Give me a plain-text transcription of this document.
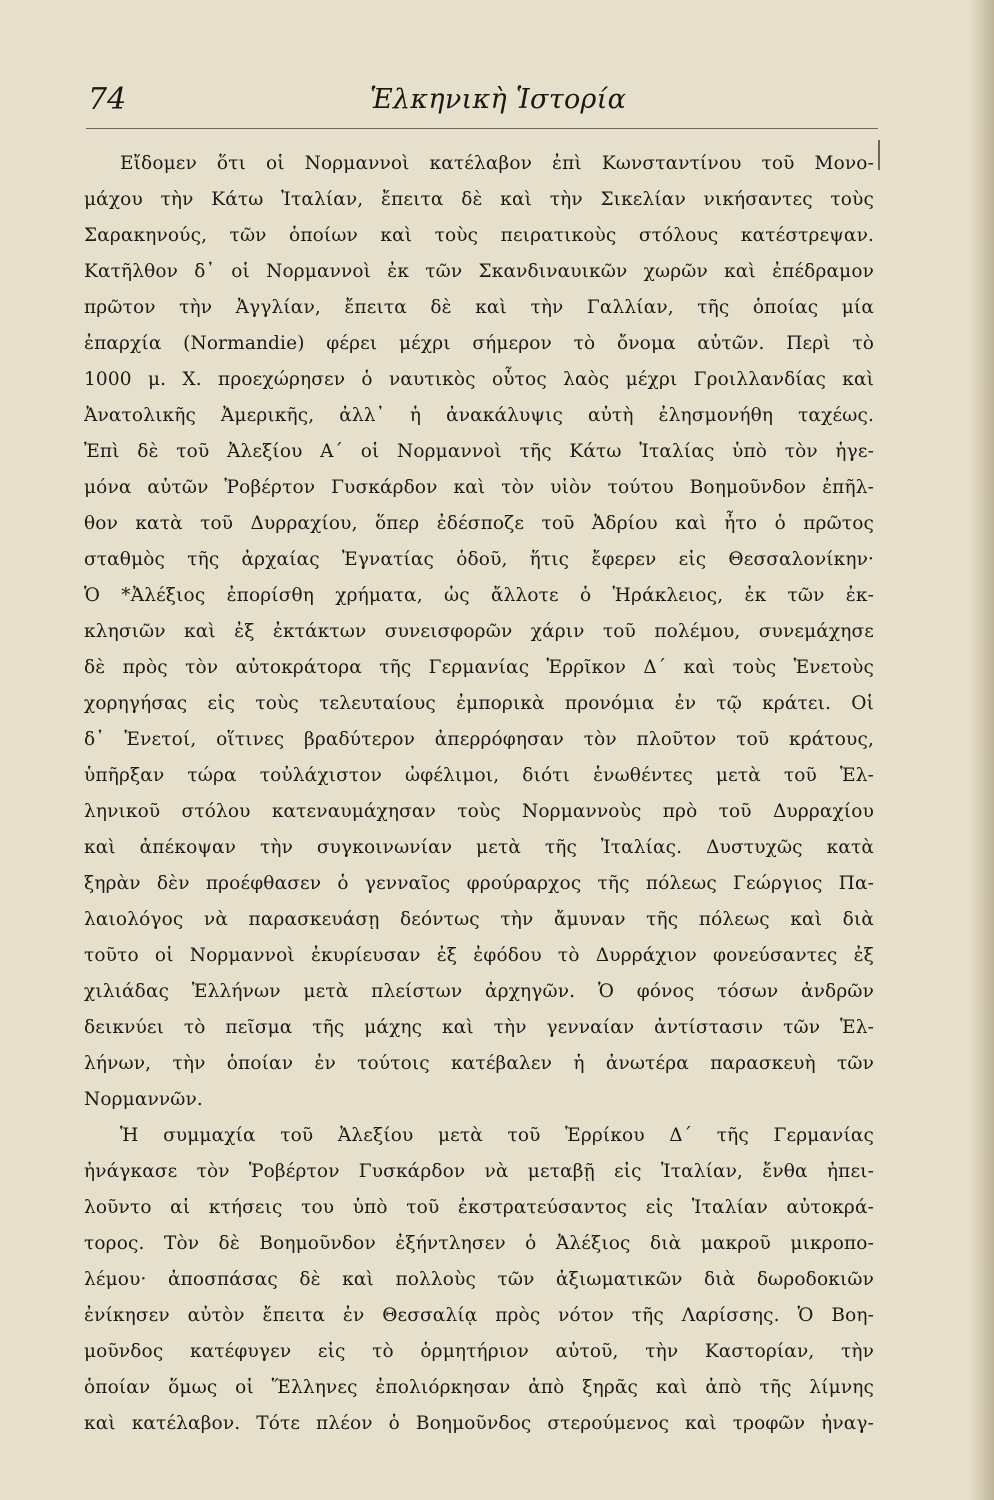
74	Ἑλκηνικὴ Ἱστορία
Εἴδομεν ὅτι οἱ Νορμαννοὶ κατέλαβον ἐπὶ Κωνσταντίνου τοῦ Μονο-
μάχου τὴν Κάτω Ἰταλίαν, ἔπειτα δὲ καὶ τὴν Σικελίαν νικήσαντες τοὺς
Σαρακηνούς, τῶν ὁποίων καὶ τοὺς πειρατικοὺς στόλους κατέστρεψαν.
Κατῆλθον δ᾽ οἱ Νορμαννοὶ ἐκ τῶν Σκανδιναυικῶν χωρῶν καὶ ἐπέδραμον
πρῶτον τὴν Ἀγγλίαν, ἔπειτα δὲ καὶ τὴν Γαλλίαν, τῆς ὁποίας μία
ἐπαρχία (Normandie) φέρει μέχρι σήμερον τὸ ὄνομα αὐτῶν. Περὶ τὸ
1000 μ. Χ. προεχώρησεν ὁ ναυτικὸς οὗτος λαὸς μέχρι Γροιλλανδίας καὶ
Ἀνατολικῆς Ἀμερικῆς, ἀλλ᾽ ἡ ἀνακάλυψις αὐτὴ ἐλησμονήθη ταχέως.
Ἐπὶ δὲ τοῦ Ἀλεξίου Α΄ οἱ Νορμαννοὶ τῆς Κάτω Ἰταλίας ὑπὸ τὸν ἡγε-
μόνα αὐτῶν Ῥοβέρτον Γυσκάρδον καὶ τὸν υἱὸν τούτου Βοημοῦνδον ἐπῆλ-
θον κατὰ τοῦ Δυρραχίου, ὅπερ ἐδέσποζε τοῦ Ἀδρίου καὶ ἦτο ὁ πρῶτος
σταθμὸς τῆς ἀρχαίας Ἐγνατίας ὁδοῦ, ἥτις ἔφερεν εἰς Θεσσαλονίκην·
Ὁ *Ἀλέξιος ἐπορίσθη χρήματα, ὡς ἄλλοτε ὁ Ἡράκλειος, ἐκ τῶν ἐκ-
κλησιῶν καὶ ἐξ ἐκτάκτων συνεισφορῶν χάριν τοῦ πολέμου, συνεμάχησε
δὲ πρὸς τὸν αὐτοκράτορα τῆς Γερμανίας Ἑρρῖκον Δ΄ καὶ τοὺς Ἑνετοὺς
χορηγήσας εἰς τοὺς τελευταίους ἐμπορικὰ προνόμια ἐν τῷ κράτει. Οἱ
δ᾽ Ἑνετοί, οἵτινες βραδύτερον ἀπερρόφησαν τὸν πλοῦτον τοῦ κράτους,
ὑπῆρξαν τώρα τοὐλάχιστον ὠφέλιμοι, διότι ἑνωθέντες μετὰ τοῦ Ἑλ-
ληνικοῦ στόλου κατεναυμάχησαν τοὺς Νορμαννοὺς πρὸ τοῦ Δυρραχίου
καὶ ἀπέκοψαν τὴν συγκοινωνίαν μετὰ τῆς Ἰταλίας. Δυστυχῶς κατὰ
ξηρὰν δὲν προέφθασεν ὁ γενναῖος φρούραρχος τῆς πόλεως Γεώργιος Πα-
λαιολόγος νὰ παρασκευάσῃ δεόντως τὴν ἄμυναν τῆς πόλεως καὶ διὰ
τοῦτο οἱ Νορμαννοὶ ἐκυρίευσαν ἐξ ἐφόδου τὸ Δυρράχιον φονεύσαντες ἐξ
χιλιάδας Ἑλλήνων μετὰ πλείστων ἀρχηγῶν. Ὁ φόνος τόσων ἀνδρῶν
δεικνύει τὸ πεῖσμα τῆς μάχης καὶ τὴν γενναίαν ἀντίστασιν τῶν Ἑλ-
λήνων, τὴν ὁποίαν ἐν τούτοις κατέβαλεν ἡ ἀνωτέρα παρασκευὴ τῶν
Νορμαννῶν.
Ἡ συμμαχία τοῦ Ἀλεξίου μετὰ τοῦ Ἑρρίκου Δ΄ τῆς Γερμανίας
ἠνάγκασε τὸν Ῥοβέρτον Γυσκάρδον νὰ μεταβῇ εἰς Ἰταλίαν, ἔνθα ἠπει-
λοῦντο αἱ κτήσεις του ὑπὸ τοῦ ἐκστρατεύσαντος εἰς Ἰταλίαν αὐτοκρά-
τορος. Τὸν δὲ Βοημοῦνδον ἐξήντλησεν ὁ Ἀλέξιος διὰ μακροῦ μικροπο-
λέμου· ἀποσπάσας δὲ καὶ πολλοὺς τῶν ἀξιωματικῶν διὰ δωροδοκιῶν
ἐνίκησεν αὐτὸν ἔπειτα ἐν Θεσσαλίᾳ πρὸς νότον τῆς Λαρίσσης. Ὁ Βοη-
μοῦνδος κατέφυγεν εἰς τὸ ὁρμητήριον αὐτοῦ, τὴν Καστορίαν, τὴν
ὁποίαν ὅμως οἱ Ἕλληνες ἐπολιόρκησαν ἀπὸ ξηρᾶς καὶ ἀπὸ τῆς λίμνης
καὶ κατέλαβον. Τότε πλέον ὁ Βοημοῦνδος στερούμενος καὶ τροφῶν ἠναγ-
